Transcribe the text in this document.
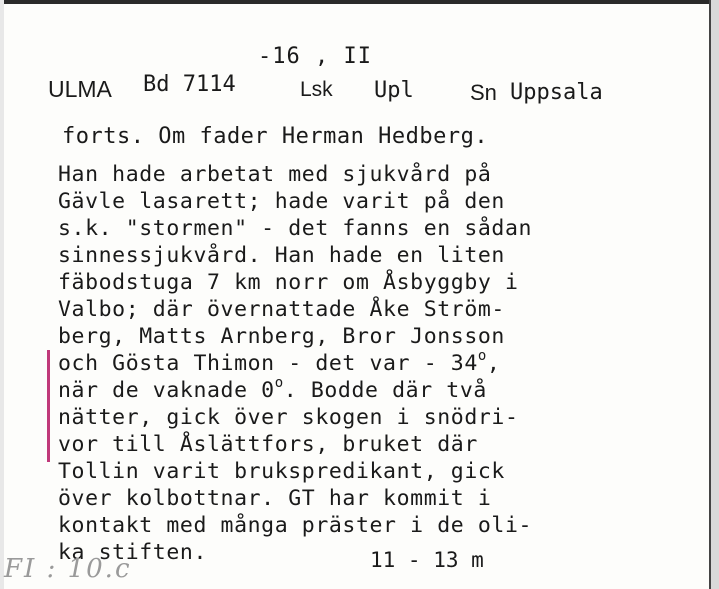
-16 , II
ULMA Bd 7114	Lsk Upl	Sn Uppsala
forts. Om fader Herman Hedberg.
Han hade arbetat med sjukvård på
Gävle lasarett; hade varit på den
s.k. "stormen" - det fanns en sådan
sinnessjukvård. Han hade en liten
fäbodstuga 7 km norr om Åsbyggby i
Valbo; där övernattade Åke Ström-
berg, Matts Arnberg, Bror Jonsson
och Gösta Thimon - det var - 34$^o$,
när de vaknade 0$^o$. Bodde där två
nätter, gick över skogen i snödri-
vor till Åslättfors, bruket där
Tollin varit brukspredikant, gick
över kolbottnar. GT har kommit i
kontakt med många präster i de oli-
ka stiften.	11 - 13 m
FI : 10.c
